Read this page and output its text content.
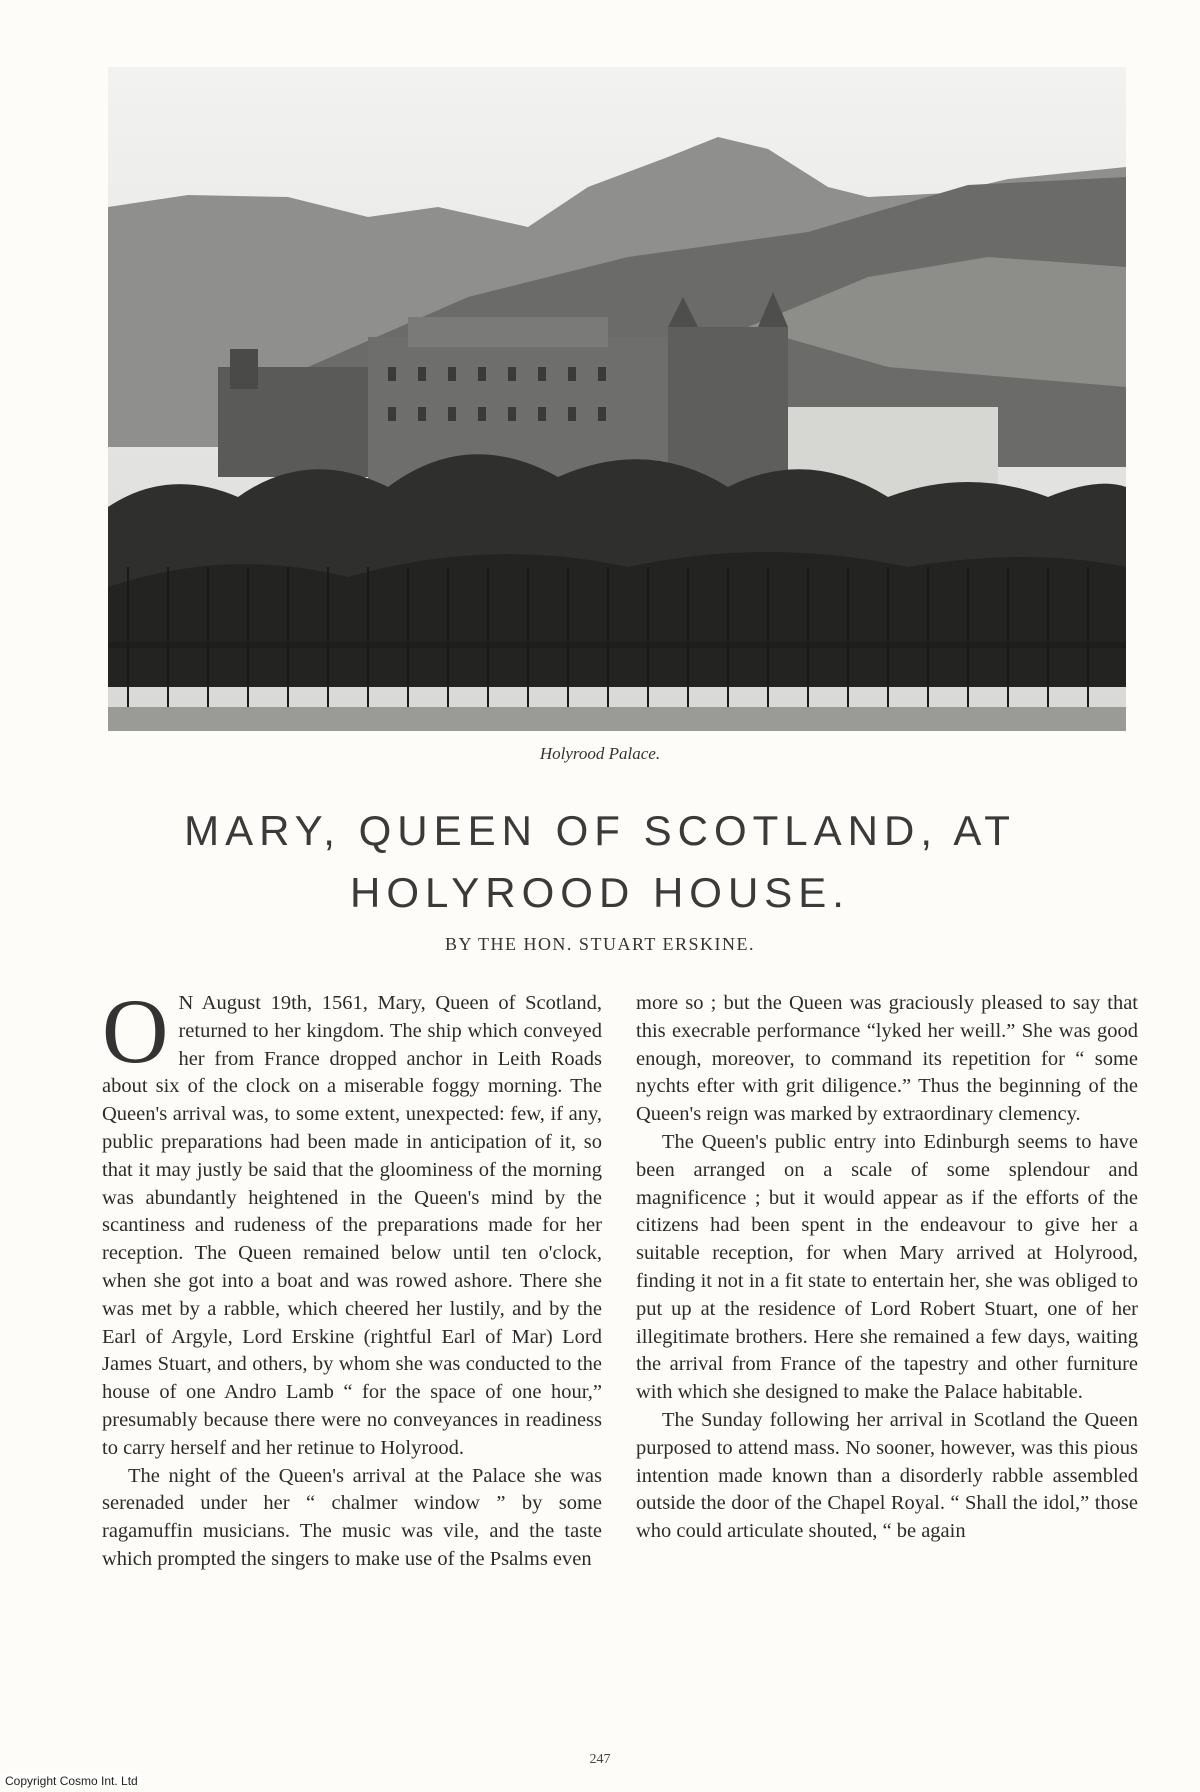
Holyrood Palace.
MARY, QUEEN OF SCOTLAND, AT HOLYROOD HOUSE.
BY THE HON. STUART ERSKINE.

O N August 19th, 1561, Mary, Queen of Scotland, returned to her kingdom. The ship which conveyed her from France dropped anchor in Leith Roads about six of the clock on a miserable foggy morning. The Queen's arrival was, to some extent, unexpected: few, if any, public preparations had been made in anticipation of it, so that it may justly be said that the gloominess of the morning was abundantly heightened in the Queen's mind by the scantiness and rudeness of the preparations made for her reception. The Queen remained below until ten o'clock, when she got into a boat and was rowed ashore. There she was met by a rabble, which cheered her lustily, and by the Earl of Argyle, Lord Erskine (rightful Earl of Mar) Lord James Stuart, and others, by whom she was conducted to the house of one Andro Lamb “ for the space of one hour,” presumably because there were no conveyances in readiness to carry herself and her retinue to Holyrood.

The night of the Queen's arrival at the Palace she was serenaded under her “ chalmer window ” by some ragamuffin musicians. The music was vile, and the taste which prompted the singers to make use of the Psalms even

more so ; but the Queen was graciously pleased to say that this execrable performance “lyked her weill.” She was good enough, moreover, to command its repetition for “ some nychts efter with grit diligence.” Thus the beginning of the Queen's reign was marked by extraordinary clemency.

The Queen's public entry into Edinburgh seems to have been arranged on a scale of some splendour and magnificence ; but it would appear as if the efforts of the citizens had been spent in the endeavour to give her a suitable reception, for when Mary arrived at Holyrood, finding it not in a fit state to entertain her, she was obliged to put up at the residence of Lord Robert Stuart, one of her illegitimate brothers. Here she remained a few days, waiting the arrival from France of the tapestry and other furniture with which she designed to make the Palace habitable.

The Sunday following her arrival in Scotland the Queen purposed to attend mass. No sooner, however, was this pious intention made known than a disorderly rabble assembled outside the door of the Chapel Royal. “ Shall the idol,” those who could articulate shouted, “ be again

247
Copyright Cosmo Int. Ltd
